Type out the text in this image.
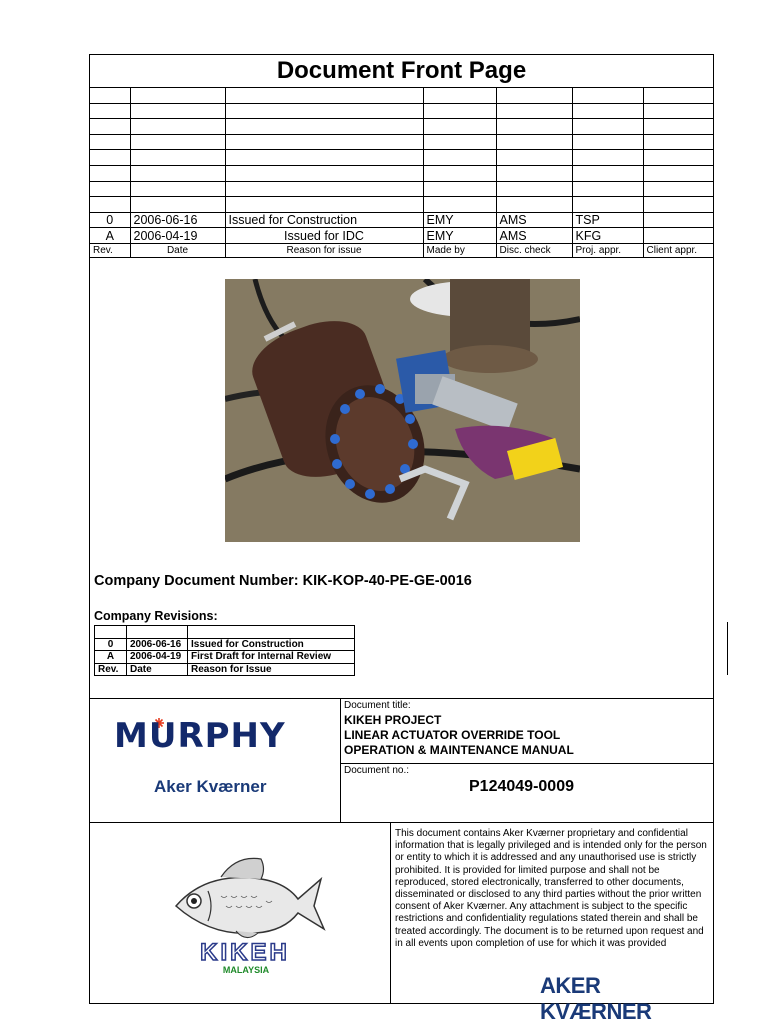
Document Front Page

0	2006-06-16	Issued for Construction	EMY	AMS	TSP	
A	2006-04-19	Issued for IDC	EMY	AMS	KFG	
Rev.	Date	Reason for issue	Made by	Disc. check	Proj. appr.	Client appr.
Company Document Number: KIK-KOP-40-PE-GE-0016
Company Revisions:

0	2006-06-16	Issued for Construction
A	2006-04-19	First Draft for Internal Review
Rev.	Date	Reason for Issue
MURPHY
Aker Kværner
Document title:
KIKEH PROJECT
LINEAR ACTUATOR OVERRIDE TOOL
OPERATION & MAINTENANCE MANUAL
Document no.:
P124049-0009
KIKEH
MALAYSIA
This document contains Aker Kværner proprietary and confidential information that is legally privileged and is intended only for the person or entity to which it is addressed and any unauthorised use is strictly prohibited. It is provided for limited purpose and shall not be reproduced, stored electronically, transferred to other documents, disseminated or disclosed to any third parties without the prior written consent of Aker Kværner. Any attachment is subject to the specific restrictions and confidentiality regulations stated therein and shall be treated accordingly. The document is to be returned upon request and in all events upon completion of use for which it was provided
AKER KVÆRNER
